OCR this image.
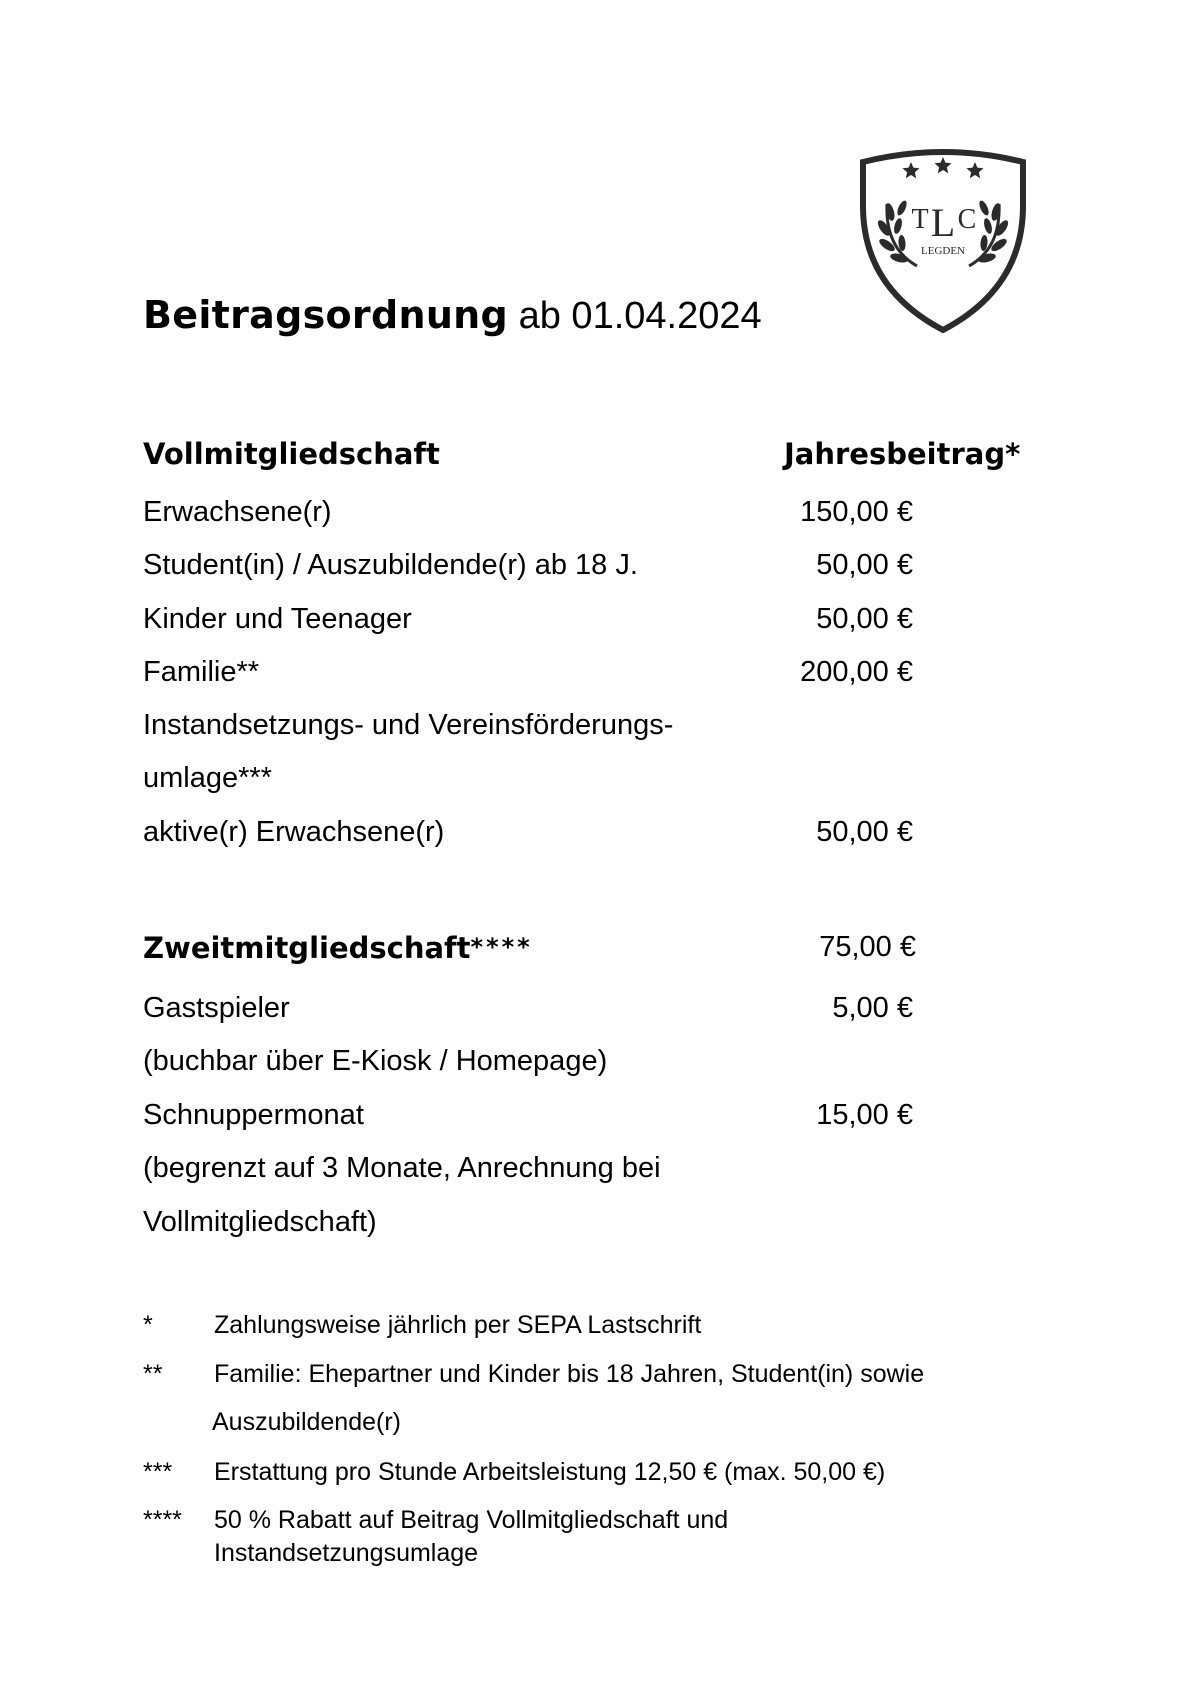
T L C
LEGDEN
Beitragsordnung ab 01.04.2024
Vollmitgliedschaft	Jahresbeitrag*
Erwachsene(r)	150,00 €
Student(in) / Auszubildende(r) ab 18 J.	50,00 €
Kinder und Teenager	50,00 €
Familie**	200,00 €
Instandsetzungs- und Vereinsförderungs-
umlage***
aktive(r) Erwachsene(r)	50,00 €
Zweitmitgliedschaft****	75,00 €
Gastspieler	5,00 €
(buchbar über E-Kiosk / Homepage)
Schnuppermonat	15,00 €
(begrenzt auf 3 Monate, Anrechnung bei
Vollmitgliedschaft)
* Zahlungsweise jährlich per SEPA Lastschrift
** Familie: Ehepartner und Kinder bis 18 Jahren, Student(in) sowie
Auszubildende(r)
*** Erstattung pro Stunde Arbeitsleistung 12,50 € (max. 50,00 €)
**** 50 % Rabatt auf Beitrag Vollmitgliedschaft und
Instandsetzungsumlage
